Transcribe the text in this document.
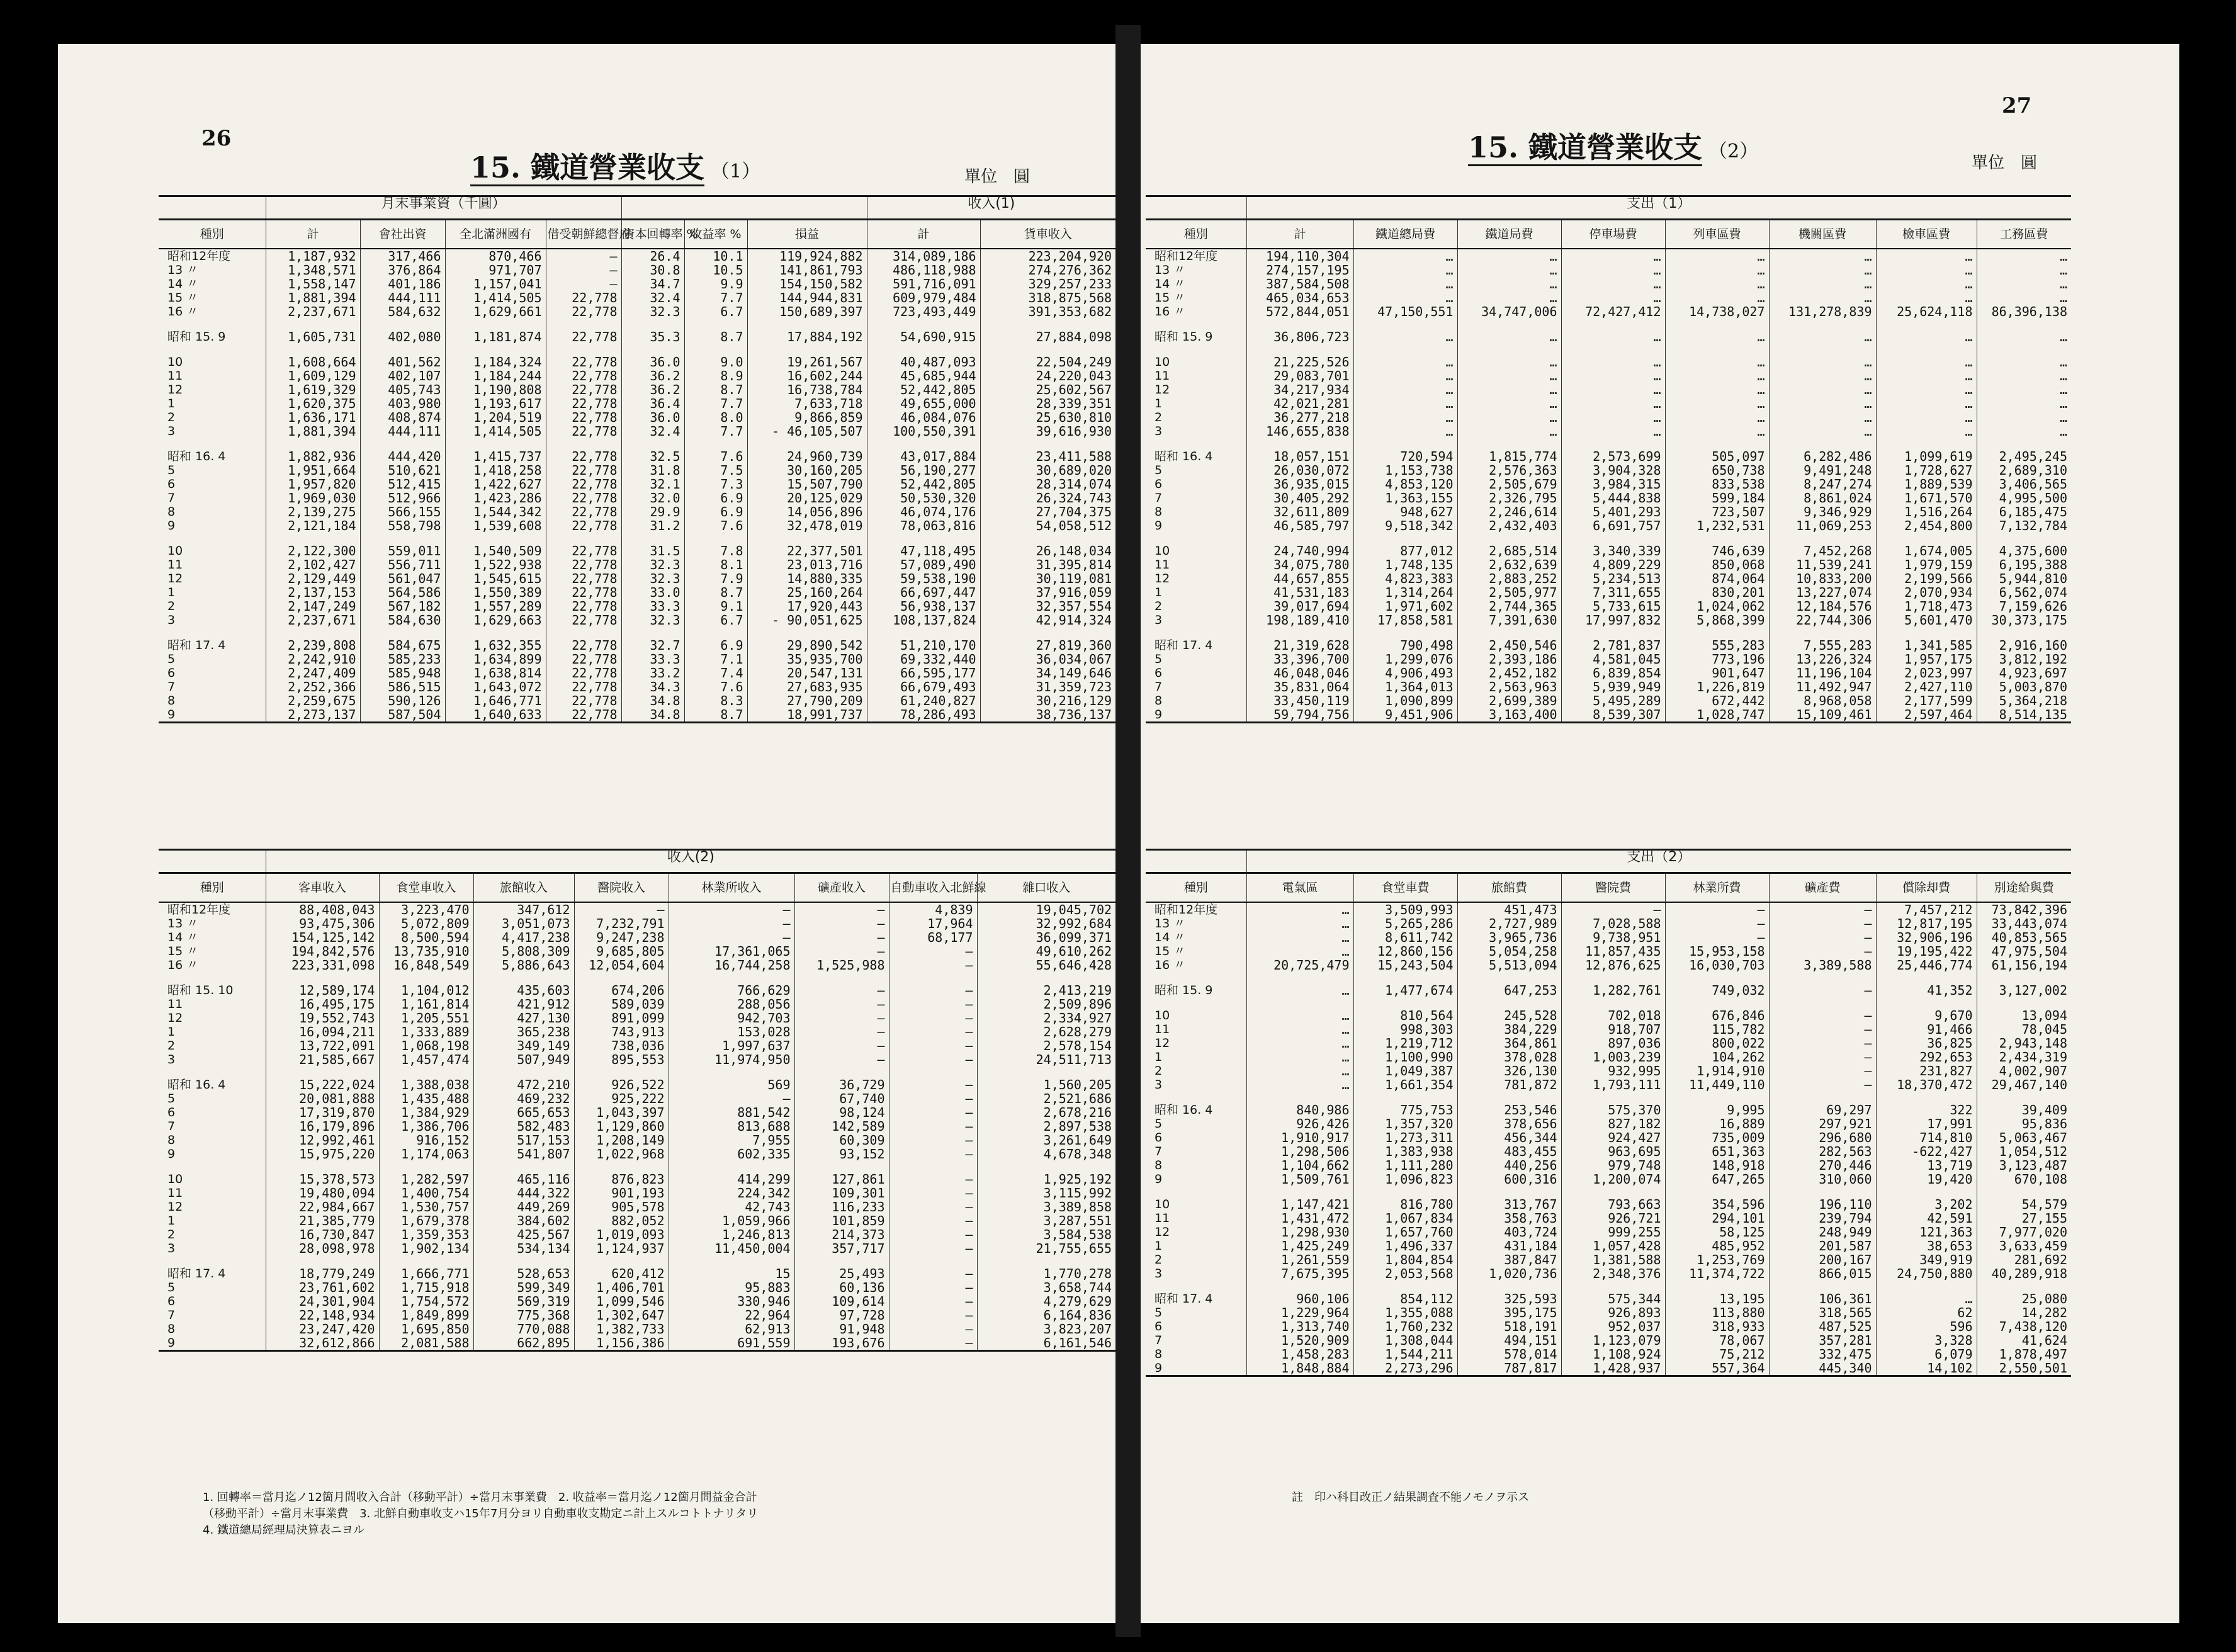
26
15. 鐵道營業收支 （1）	單位　圓
	月末事業資（千圓）							收入(1)	
種別	計	會社出資	全北滿洲國有	借受朝鮮總督府	資本回轉率 %	收益率 %	損益	計	貨車收入
昭和12年度	1,187,932	317,466	870,466	—	26.4	10.1	119,924,882	314,089,186	223,204,920
13 〃	1,348,571	376,864	971,707	—	30.8	10.5	141,861,793	486,118,988	274,276,362
14 〃	1,558,147	401,186	1,157,041	—	34.7	9.9	154,150,582	591,716,091	329,257,233
15 〃	1,881,394	444,111	1,414,505	22,778	32.4	7.7	144,944,831	609,979,484	318,875,568
16 〃	2,237,671	584,632	1,629,661	22,778	32.3	6.7	150,689,397	723,493,449	391,353,682

昭和 15. 9	1,605,731	402,080	1,181,874	22,778	35.3	8.7	17,884,192	54,690,915	27,884,098

10	1,608,664	401,562	1,184,324	22,778	36.0	9.0	19,261,567	40,487,093	22,504,249
11	1,609,129	402,107	1,184,244	22,778	36.2	8.9	16,602,244	45,685,944	24,220,043
12	1,619,329	405,743	1,190,808	22,778	36.2	8.7	16,738,784	52,442,805	25,602,567
1	1,620,375	403,980	1,193,617	22,778	36.4	7.7	7,633,718	49,655,000	28,339,351
2	1,636,171	408,874	1,204,519	22,778	36.0	8.0	9,866,859	46,084,076	25,630,810
3	1,881,394	444,111	1,414,505	22,778	32.4	7.7	- 46,105,507	100,550,391	39,616,930

昭和 16. 4	1,882,936	444,420	1,415,737	22,778	32.5	7.6	24,960,739	43,017,884	23,411,588
5	1,951,664	510,621	1,418,258	22,778	31.8	7.5	30,160,205	56,190,277	30,689,020
6	1,957,820	512,415	1,422,627	22,778	32.1	7.3	15,507,790	52,442,805	28,314,074
7	1,969,030	512,966	1,423,286	22,778	32.0	6.9	20,125,029	50,530,320	26,324,743
8	2,139,275	566,155	1,544,342	22,778	29.9	6.9	14,056,896	46,074,176	27,704,375
9	2,121,184	558,798	1,539,608	22,778	31.2	7.6	32,478,019	78,063,816	54,058,512

10	2,122,300	559,011	1,540,509	22,778	31.5	7.8	22,377,501	47,118,495	26,148,034
11	2,102,427	556,711	1,522,938	22,778	32.3	8.1	23,013,716	57,089,490	31,395,814
12	2,129,449	561,047	1,545,615	22,778	32.3	7.9	14,880,335	59,538,190	30,119,081
1	2,137,153	564,586	1,550,389	22,778	33.0	8.7	25,160,264	66,697,447	37,916,059
2	2,147,249	567,182	1,557,289	22,778	33.3	9.1	17,920,443	56,938,137	32,357,554
3	2,237,671	584,630	1,629,663	22,778	32.3	6.7	- 90,051,625	108,137,824	42,914,324

昭和 17. 4	2,239,808	584,675	1,632,355	22,778	32.7	6.9	29,890,542	51,210,170	27,819,360
5	2,242,910	585,233	1,634,899	22,778	33.3	7.1	35,935,700	69,332,440	36,034,067
6	2,247,409	585,948	1,638,814	22,778	33.2	7.4	20,547,131	66,595,177	34,149,646
7	2,252,366	586,515	1,643,072	22,778	34.3	7.6	27,683,935	66,679,493	31,359,723
8	2,259,675	590,126	1,646,771	22,778	34.8	8.3	27,790,209	61,240,827	30,216,129
9	2,273,137	587,504	1,640,633	22,778	34.8	8.7	18,991,737	78,286,493	38,736,137
	收入(2)							
種別	客車收入	食堂車收入	旅館收入	醫院收入	林業所收入	礦產收入	自動車收入北鮮線	雜口收入
昭和12年度	88,408,043	3,223,470	347,612	—	—	—	4,839	19,045,702
13 〃	93,475,306	5,072,809	3,051,073	7,232,791	—	—	17,964	32,992,684
14 〃	154,125,142	8,500,594	4,417,238	9,247,238	—	—	68,177	36,099,371
15 〃	194,842,576	13,735,910	5,808,309	9,685,805	17,361,065	—	—	49,610,262
16 〃	223,331,098	16,848,549	5,886,643	12,054,604	16,744,258	1,525,988	—	55,646,428

昭和 15. 10	12,589,174	1,104,012	435,603	674,206	766,629	—	—	2,413,219
11	16,495,175	1,161,814	421,912	589,039	288,056	—	—	2,509,896
12	19,552,743	1,205,551	427,130	891,099	942,703	—	—	2,334,927
1	16,094,211	1,333,889	365,238	743,913	153,028	—	—	2,628,279
2	13,722,091	1,068,198	349,149	738,036	1,997,637	—	—	2,578,154
3	21,585,667	1,457,474	507,949	895,553	11,974,950	—	—	24,511,713

昭和 16. 4	15,222,024	1,388,038	472,210	926,522	569	36,729	—	1,560,205
5	20,081,888	1,435,488	469,232	925,222	—	67,740	—	2,521,686
6	17,319,870	1,384,929	665,653	1,043,397	881,542	98,124	—	2,678,216
7	16,179,896	1,386,706	582,483	1,129,860	813,688	142,589	—	2,897,538
8	12,992,461	916,152	517,153	1,208,149	7,955	60,309	—	3,261,649
9	15,975,220	1,174,063	541,807	1,022,968	602,335	93,152	—	4,678,348

10	15,378,573	1,282,597	465,116	876,823	414,299	127,861	—	1,925,192
11	19,480,094	1,400,754	444,322	901,193	224,342	109,301	—	3,115,992
12	22,984,667	1,530,757	449,269	905,578	42,743	116,233	—	3,389,858
1	21,385,779	1,679,378	384,602	882,052	1,059,966	101,859	—	3,287,551
2	16,730,847	1,359,353	425,567	1,019,093	1,246,813	214,373	—	3,584,538
3	28,098,978	1,902,134	534,134	1,124,937	11,450,004	357,717	—	21,755,655

昭和 17. 4	18,779,249	1,666,771	528,653	620,412	15	25,493	—	1,770,278
5	23,761,602	1,715,918	599,349	1,406,701	95,883	60,136	—	3,658,744
6	24,301,904	1,754,572	569,319	1,099,546	330,946	109,614	—	4,279,629
7	22,148,934	1,849,899	775,368	1,302,647	22,964	97,728	—	6,164,836
8	23,247,420	1,695,850	770,088	1,382,733	62,913	91,948	—	3,823,207
9	32,612,866	2,081,588	662,895	1,156,386	691,559	193,676	—	6,161,546
1. 回轉率＝當月迄ノ12箇月間收入合計（移動平計）÷當月末事業費　2. 收益率＝當月迄ノ12箇月間益金合計
（移動平計）÷當月末事業費　3. 北鮮自動車收支ハ15年7月分ヨリ自動車收支勘定ニ計上スルコトトナリタリ
4. 鐵道總局經理局決算表ニヨル
27
15. 鐵道營業收支 （2）
單位　圓
	支出（1）							
種別	計	鐵道總局費	鐵道局費	停車場費	列車區費	機關區費	檢車區費	工務區費
昭和12年度	194,110,304	…	…	…	…	…	…	…
13 〃	274,157,195	…	…	…	…	…	…	…
14 〃	387,584,508	…	…	…	…	…	…	…
15 〃	465,034,653	…	…	…	…	…	…	…
16 〃	572,844,051	47,150,551	34,747,006	72,427,412	14,738,027	131,278,839	25,624,118	86,396,138

昭和 15. 9	36,806,723	…	…	…	…	…	…	…

10	21,225,526	…	…	…	…	…	…	…
11	29,083,701	…	…	…	…	…	…	…
12	34,217,934	…	…	…	…	…	…	…
1	42,021,281	…	…	…	…	…	…	…
2	36,277,218	…	…	…	…	…	…	…
3	146,655,838	…	…	…	…	…	…	…

昭和 16. 4	18,057,151	720,594	1,815,774	2,573,699	505,097	6,282,486	1,099,619	2,495,245
5	26,030,072	1,153,738	2,576,363	3,904,328	650,738	9,491,248	1,728,627	2,689,310
6	36,935,015	4,853,120	2,505,679	3,984,315	833,538	8,247,274	1,889,539	3,406,565
7	30,405,292	1,363,155	2,326,795	5,444,838	599,184	8,861,024	1,671,570	4,995,500
8	32,611,809	948,627	2,246,614	5,401,293	723,507	9,346,929	1,516,264	6,185,475
9	46,585,797	9,518,342	2,432,403	6,691,757	1,232,531	11,069,253	2,454,800	7,132,784

10	24,740,994	877,012	2,685,514	3,340,339	746,639	7,452,268	1,674,005	4,375,600
11	34,075,780	1,748,135	2,632,639	4,809,229	850,068	11,539,241	1,979,159	6,195,388
12	44,657,855	4,823,383	2,883,252	5,234,513	874,064	10,833,200	2,199,566	5,944,810
1	41,531,183	1,314,264	2,505,977	7,311,655	830,201	13,227,074	2,070,934	6,562,074
2	39,017,694	1,971,602	2,744,365	5,733,615	1,024,062	12,184,576	1,718,473	7,159,626
3	198,189,410	17,858,581	7,391,630	17,997,832	5,868,399	22,744,306	5,601,470	30,373,175

昭和 17. 4	21,319,628	790,498	2,450,546	2,781,837	555,283	7,555,283	1,341,585	2,916,160
5	33,396,700	1,299,076	2,393,186	4,581,045	773,196	13,226,324	1,957,175	3,812,192
6	46,048,046	4,906,493	2,452,182	6,839,854	901,647	11,196,104	2,023,997	4,923,697
7	35,831,064	1,364,013	2,563,963	5,939,949	1,226,819	11,492,947	2,427,110	5,003,870
8	33,450,119	1,090,899	2,699,389	5,495,289	672,442	8,968,058	2,177,599	5,364,218
9	59,794,756	9,451,906	3,163,400	8,539,307	1,028,747	15,109,461	2,597,464	8,514,135
	支出（2）							
種別	電氣區	食堂車費	旅館費	醫院費	林業所費	礦產費	償除却費	別途給與費
昭和12年度	…	3,509,993	451,473	—	—	—	7,457,212	73,842,396
13 〃	…	5,265,286	2,727,989	7,028,588	—	—	12,817,195	33,443,074
14 〃	…	8,611,742	3,965,736	9,738,951	—	—	32,906,196	40,853,565
15 〃	…	12,860,156	5,054,258	11,857,435	15,953,158	—	19,195,422	47,975,504
16 〃	20,725,479	15,243,504	5,513,094	12,876,625	16,030,703	3,389,588	25,446,774	61,156,194

昭和 15. 9	…	1,477,674	647,253	1,282,761	749,032	—	41,352	3,127,002

10	…	810,564	245,528	702,018	676,846	—	9,670	13,094
11	…	998,303	384,229	918,707	115,782	—	91,466	78,045
12	…	1,219,712	364,861	897,036	800,022	—	36,825	2,943,148
1	…	1,100,990	378,028	1,003,239	104,262	—	292,653	2,434,319
2	…	1,049,387	326,130	932,995	1,914,910	—	231,827	4,002,907
3	…	1,661,354	781,872	1,793,111	11,449,110	—	18,370,472	29,467,140

昭和 16. 4	840,986	775,753	253,546	575,370	9,995	69,297	322	39,409
5	926,426	1,357,320	378,656	827,182	16,889	297,921	17,991	95,836
6	1,910,917	1,273,311	456,344	924,427	735,009	296,680	714,810	5,063,467
7	1,298,506	1,383,938	483,455	963,695	651,363	282,563	-622,427	1,054,512
8	1,104,662	1,111,280	440,256	979,748	148,918	270,446	13,719	3,123,487
9	1,509,761	1,096,823	600,316	1,200,074	647,265	310,060	19,420	670,108

10	1,147,421	816,780	313,767	793,663	354,596	196,110	3,202	54,579
11	1,431,472	1,067,834	358,763	926,721	294,101	239,794	42,591	27,155
12	1,298,930	1,657,760	403,724	999,255	58,125	248,949	121,363	7,977,020
1	1,425,249	1,496,337	431,184	1,057,428	485,952	201,587	38,653	3,633,459
2	1,261,559	1,804,854	387,847	1,381,588	1,253,769	200,167	349,919	281,692
3	7,675,395	2,053,568	1,020,736	2,348,376	11,374,722	866,015	24,750,880	40,289,918

昭和 17. 4	960,106	854,112	325,593	575,344	13,195	106,361	…	25,080
5	1,229,964	1,355,088	395,175	926,893	113,880	318,565	62	14,282
6	1,313,740	1,760,232	518,191	952,037	318,933	487,525	596	7,438,120
7	1,520,909	1,308,044	494,151	1,123,079	78,067	357,281	3,328	41,624
8	1,458,283	1,544,211	578,014	1,108,924	75,212	332,475	6,079	1,878,497
9	1,848,884	2,273,296	787,817	1,428,937	557,364	445,340	14,102	2,550,501
註　印ハ科目改正ノ結果調査不能ノモノヲ示ス
